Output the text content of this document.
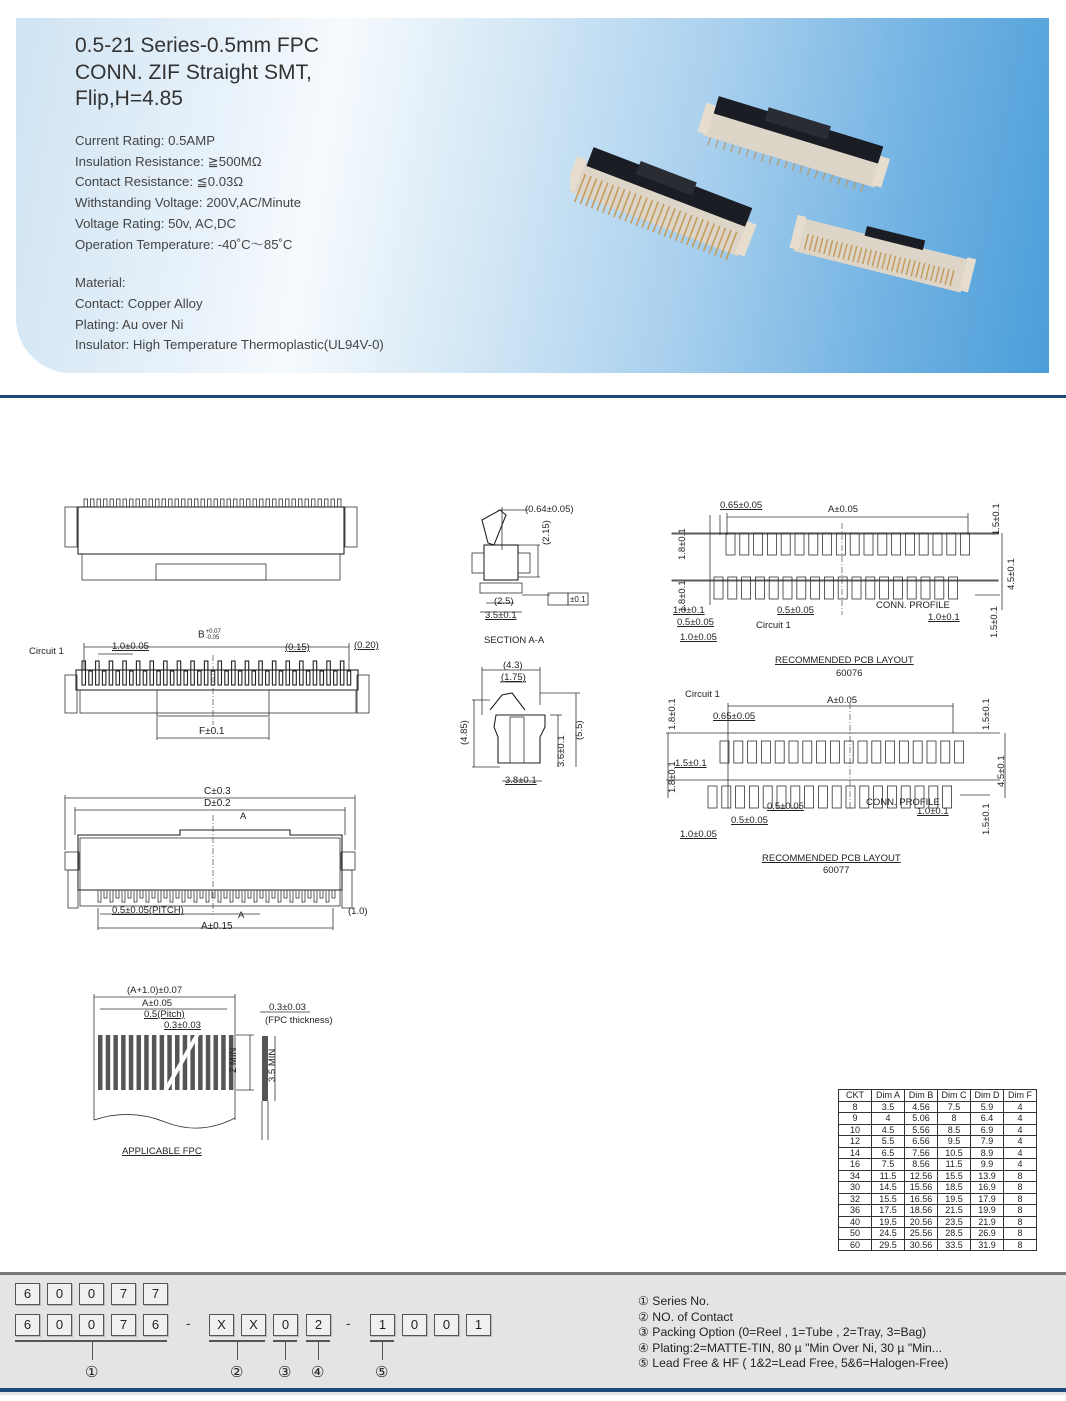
0.5-21 Series-0.5mm FPC
CONN. ZIF Straight SMT,
Flip,H=4.85
Current Rating: 0.5AMP
Insulation Resistance: ≧500MΩ
Contact Resistance: ≦0.03Ω
Withstanding Voltage: 200V,AC/Minute
Voltage Rating: 50v, AC,DC
Operation Temperature: -40˚C～85˚C
Material:
Contact: Copper Alloy
Plating: Au over Ni
Insulator: High Temperature Thermoplastic(UL94V-0)
Circuit 1
B+0.07
-0.05
1.0±0.05	(0.15)	(0.20)
F±0.1
C±0.3
D±0.2
A
0.5±0.05(PITCH)	A	(1.0)
A±0.15
(0.64±0.05)
(2.15)
(2.5)
3.5±0.1
±0.1
SECTION A-A
(4.3)
(1.75)
(4.85)
3.6±0.1
(5.5)
3.8±0.1
0.65±0.05	A±0.05
1.8±0.1
1.8±0.1
1.5±0.1
4.5±0.1
1.5±0.1
1.0±0.1
0.5±0.05
1.0±0.05
0.5±0.05	CONN. PROFILE
1.0±0.1
Circuit 1
RECOMMENDED PCB LAYOUT
60076
Circuit 1
A±0.05
0.65±0.05
1.8±0.1
1.8±0.1
1.5±0.1
1.5±0.1
4.5±0.1
1.5±0.1
0.5±0.05
0.5±0.05
1.0±0.05
CONN. PROFILE
1.0±0.1
RECOMMENDED PCB LAYOUT
60077
(A+1.0)±0.07
A±0.05
0.5(Pitch)
0.3±0.03
0.3±0.03
(FPC thickness)
2 MIN	3.5 MIN
APPLICABLE FPC
CKT	Dim A	Dim B	Dim C	Dim D	Dim F
8	3.5	4.56	7.5	5.9	4
9	4	5.06	8	6.4	4
10	4.5	5.56	8.5	6.9	4
12	5.5	6.56	9.5	7.9	4
14	6.5	7.56	10.5	8.9	4
16	7.5	8.56	11.5	9.9	4
34	11.5	12.56	15.5	13.9	8
30	14.5	15.56	18.5	16.9	8
32	15.5	16.56	19.5	17.9	8
36	17.5	18.56	21.5	19.9	8
40	19.5	20.56	23.5	21.9	8
50	24.5	25.56	28.5	26.9	8
60	29.5	30.56	33.5	31.9	8
6	0	0	7	7
6	0	0	7	6	-	X	X	0	2	-	1	0	0	1
①	② ③ ④	⑤
① Series No.
② NO. of Contact
③ Packing Option (0=Reel , 1=Tube , 2=Tray, 3=Bag)
④ Plating:2=MATTE-TIN, 80 µ "Min Over Ni, 30 µ "Min...
⑤ Lead Free & HF ( 1&2=Lead Free, 5&6=Halogen-Free)
